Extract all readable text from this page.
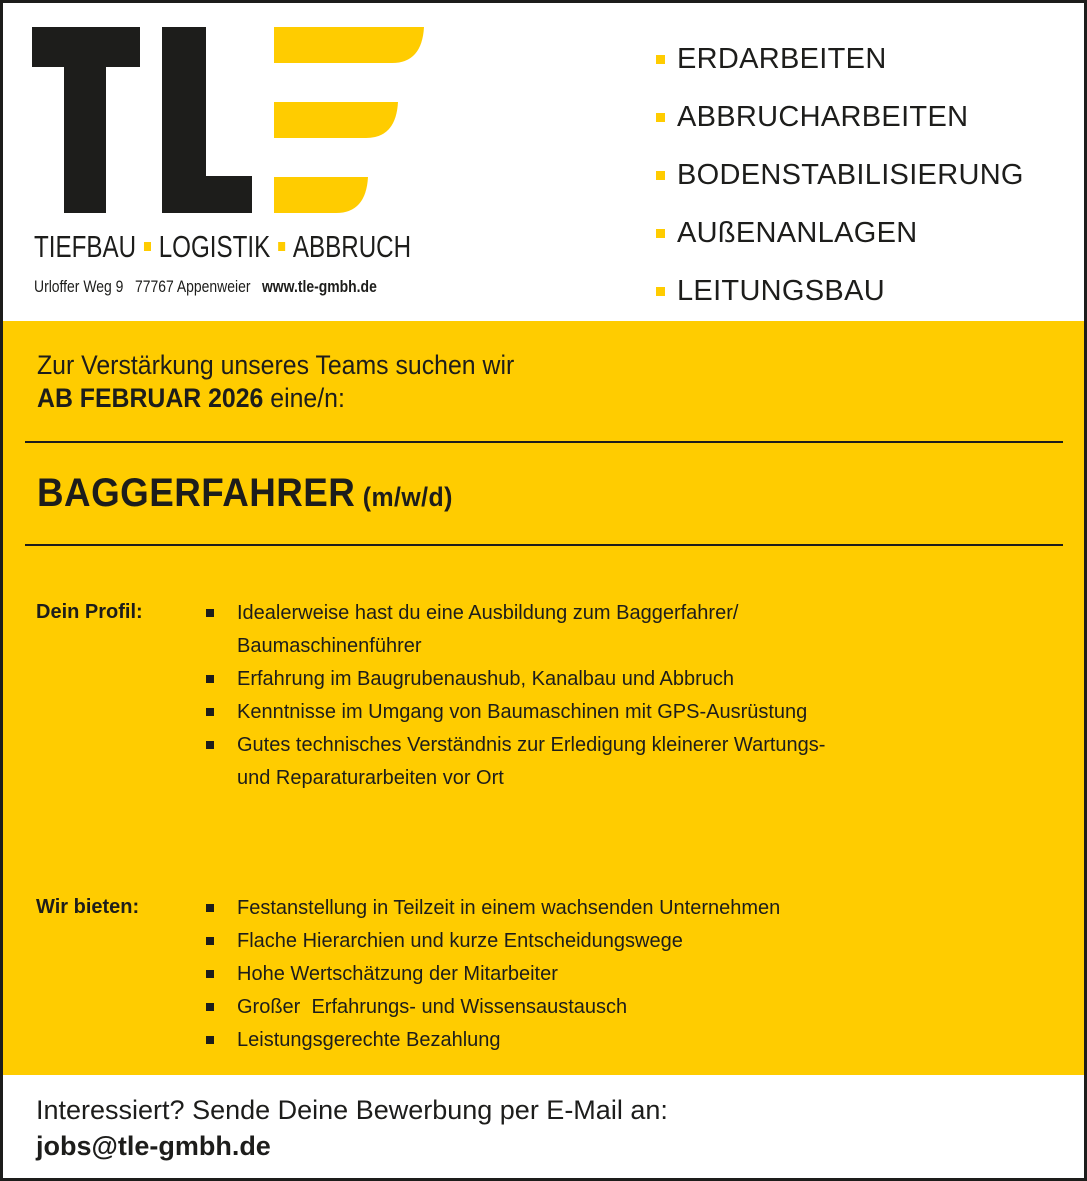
TIEFBAU LOGISTIK ABBRUCH
Urloffer Weg 9   77767 Appenweier www.tle-gmbh.de
ERDARBEITEN
ABBRUCHARBEITEN
BODENSTABILISIERUNG
AUßENANLAGEN
LEITUNGSBAU
Zur Verstärkung unseres Teams suchen wir
AB FEBRUAR 2026 eine/n:
BAGGERFAHRER (m/w/d)
Dein Profil:	Idealerweise hast du eine Ausbildung zum Baggerfahrer/
Baumaschinenführer
Erfahrung im Baugrubenaushub, Kanalbau und Abbruch
Kenntnisse im Umgang von Baumaschinen mit GPS-Ausrüstung
Gutes technisches Verständnis zur Erledigung kleinerer Wartungs-
und Reparaturarbeiten vor Ort
Wir bieten:	Festanstellung in Teilzeit in einem wachsenden Unternehmen
Flache Hierarchien und kurze Entscheidungswege
Hohe Wertschätzung der Mitarbeiter
Großer  Erfahrungs- und Wissensaustausch
Leistungsgerechte Bezahlung
Interessiert? Sende Deine Bewerbung per E-Mail an:
jobs@tle-gmbh.de
